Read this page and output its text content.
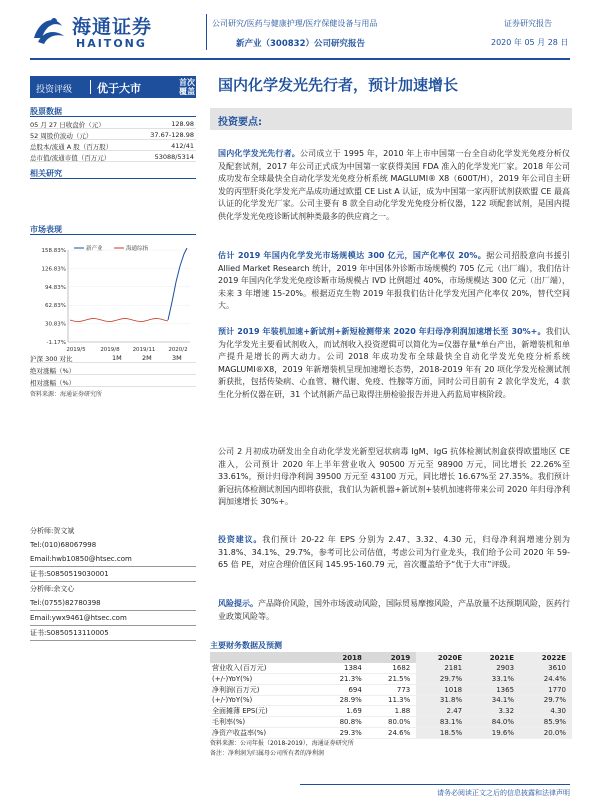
海通证券
HAITONG
公司研究/医药与健康护理/医疗保健设备与用品
新产业（300832）公司研究报告
证券研究报告
2020 年 05 月 28 日
投资评级 优于大市	首次
覆盖 国内化学发光先行者，预计加速增长
股票数据
05 月 27 日收盘价（元）	128.98
52 周股价波动（元）	37.67-128.98
总股本/流通 A 股（百万股）	412/41
总市值/流通市值（百万元）	53088/5314
相关研究
市场表现
158.83%
126.83%
94.83%
62.83%
30.83%
-1.17%
2019/5	2019/8 2019/11 2020/2
新产业	海通综指
沪深 300 对比	1M	2M	3M
绝对涨幅（%）
相对涨幅（%）
资料来源：海通证券研究所
分析师:贺文斌
Tel:(010)68067998
Email:hwb10850@htsec.com
证书:S0850519030001
分析师:余文心
Tel:(0755)82780398
Email:ywx9461@htsec.com
证书:S0850513110005
投资要点:
国内化学发光先行者。公司成立于 1995 年，2010 年上市中国第一台全自动化学发光免疫分析仪及配套试剂，2017 年公司正式成为中国第一家获得美国 FDA 准入的化学发光厂家。2018 年公司成功发布全球最快全自动化学发光免疫分析系统 MAGLUMI® X8（600T/H），2019 年公司自主研发的丙型肝炎化学发光产品成功通过欧盟 CE List A 认证，成为中国第一家丙肝试剂获欧盟 CE 最高认证的化学发光厂家。公司主要有 8 款全自动化学发光免疫分析仪器，122 项配套试剂，是国内提供化学发光免疫诊断试剂种类最多的供应商之一。
估计 2019 年国内化学发光市场规模达 300 亿元，国产化率仅 20%。据公司招股意向书援引 Allied Market Research 统计，2019 年中国体外诊断市场规模约 705 亿元（出厂端），我们估计 2019 年国内化学发光免疫诊断市场规模占 IVD 比例超过 40%，市场规模达 300 亿元（出厂端），未来 3 年增速 15-20%。根据迈克生物 2019 年报我们估计化学发光国产化率仅 20%，替代空间大。
预计 2019 年装机加速+新试剂+新短检测带来 2020 年归母净利润加速增长至 30%+。我们认为化学发光主要看试剂收入，而试剂收入投资逻辑可以简化为=仪器存量*单台产出，新增装机和单产提升是增长的两大动力。公司 2018 年成功发布全球最快全自动化学发光免疫分析系统 MAGLUMI®X8，2019 年新增装机呈现加速增长态势，2018-2019 年有 20 项化学发光检测试剂新获批，包括传染病、心血管、糖代谢、免疫、性腺等方面，同时公司目前有 2 款化学发光，4 款生化分析仪器在研，31 个试剂新产品已取得注册检验报告并进入药监局审核阶段。
公司 2 月初成功研发出全自动化学发光新型冠状病毒 IgM、IgG 抗体检测试剂盒获得欧盟地区 CE 准入，公司预计 2020 年上半年营业收入 90500 万元至 98900 万元，同比增长 22.26%至 33.61%，预计归母净利润 39500 万元至 43100 万元，同比增长 16.67%至 27.35%。我们预计新冠抗体检测试剂国内即将获批，我们认为新机器+新试剂+装机加速将带来公司 2020 年归母净利润加速增长 30%+。
投资建议。我们预计 20-22 年 EPS 分别为 2.47、3.32、4.30 元，归母净利润增速分别为 31.8%、34.1%、29.7%，参考可比公司估值，考虑公司为行业龙头，我们给予公司 2020 年 59-65 倍 PE，对应合理价值区间 145.95-160.79 元，首次覆盖给予“优于大市”评级。
风险提示。产品降价风险，国外市场波动风险，国际贸易摩擦风险，产品放量不达预期风险，医药行业政策风险等。
主要财务数据及预测
	2018	2019	2020E	2021E	2022E
营业收入(百万元)	1384	1682	2181	2903	3610
(+/-)YoY(%)	21.3%	21.5%	29.7%	33.1%	24.4%
净利润(百万元)	694	773	1018	1365	1770
(+/-)YoY(%)	28.9%	11.3%	31.8%	34.1%	29.7%
全面摊薄 EPS(元)	1.69	1.88	2.47	3.32	4.30
毛利率(%)	80.8%	80.0%	83.1%	84.0%	85.9%
净资产收益率(%)	29.3%	24.6%	18.5%	19.6%	20.0%
资料来源：公司年报（2018-2019），海通证券研究所
备注：净利润为归属母公司所有者的净利润
请务必阅读正文之后的信息披露和法律声明
